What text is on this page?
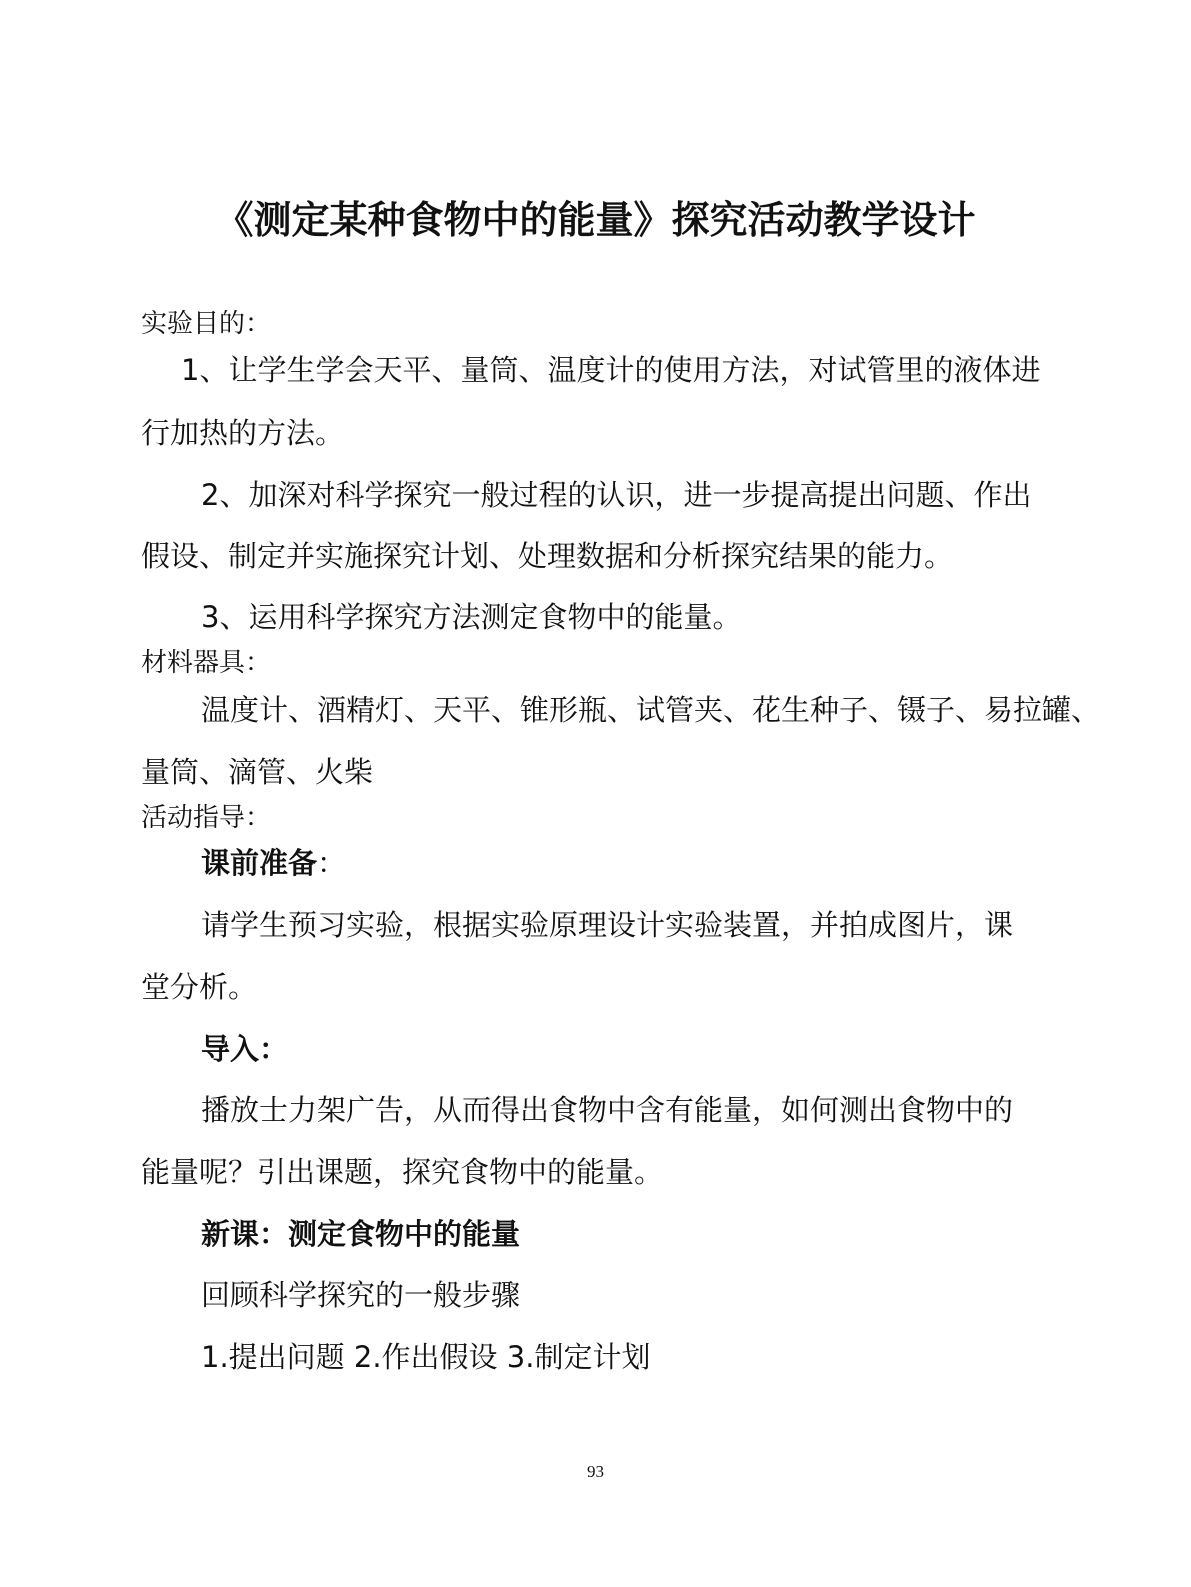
《测定某种食物中的能量》探究活动教学设计
实验目的：
1、让学生学会天平、量筒、温度计的使用方法，对试管里的液体进
行加热的方法。
2、加深对科学探究一般过程的认识，进一步提高提出问题、作出
假设、制定并实施探究计划、处理数据和分析探究结果的能力。
3、运用科学探究方法测定食物中的能量。
材料器具：
温度计、酒精灯、天平、锥形瓶、试管夹、花生种子、镊子、易拉罐、
量筒、滴管、火柴
活动指导：
课前准备：
请学生预习实验，根据实验原理设计实验装置，并拍成图片，课
堂分析。
导入：
播放士力架广告，从而得出食物中含有能量，如何测出食物中的
能量呢？引出课题，探究食物中的能量。
新课：测定食物中的能量
回顾科学探究的一般步骤
1.提出问题 2.作出假设 3.制定计划
93
